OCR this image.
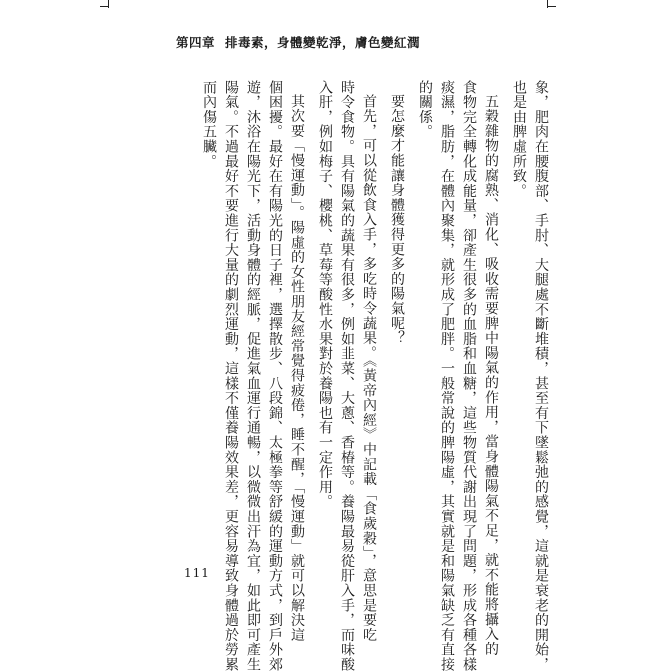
第四章 排毒素，身體變乾淨，膚色變紅潤
象，肥肉在腰腹部、手肘、大腿處不斷堆積，甚至有下墜鬆弛的感覺，這就是衰老的開始，
也是由脾虛所致。
五穀雜物的腐熟、消化、吸收需要脾中陽氣的作用，當身體陽氣不足，就不能將攝入的
食物完全轉化成能量，卻產生很多的血脂和血糖，這些物質代謝出現了問題，形成各種各樣
痰濕，脂肪，在體內聚集，就形成了肥胖。一般常說的脾陽虛，其實就是和陽氣缺乏有直接
的關係。
要怎麼才能讓身體獲得更多的陽氣呢？
首先，可以從飲食入手，多吃時令蔬果。《黃帝內經》中記載「食歲穀」，意思是要吃
時令食物。具有陽氣的蔬果有很多，例如韭菜、大蔥、香椿等。養陽最易從肝入手，而味酸
入肝，例如梅子、櫻桃、草莓等酸性水果對於養陽也有一定作用。
其次要「慢運動」。陽虛的女性朋友經常覺得疲倦，睡不醒，「慢運動」就可以解決這
個困擾。最好在有陽光的日子裡，選擇散步、八段錦、太極拳等舒緩的運動方式，到戶外郊
遊，沐浴在陽光下，活動身體的經脈，促進氣血運行通暢，以微微出汗為宜，如此即可產生
陽氣。不過最好不要進行大量的劇烈運動，這樣不僅養陽效果差，更容易導致身體過於勞累
而內傷五臟。
111
